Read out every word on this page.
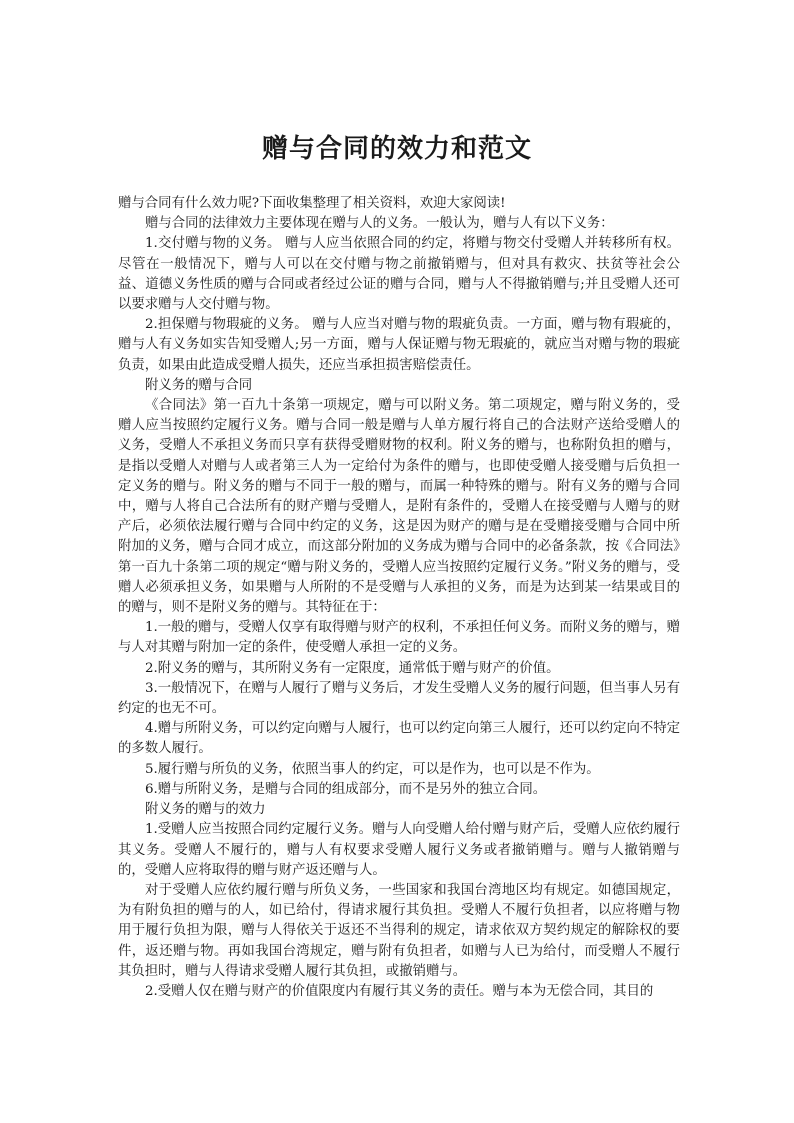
赠与合同的效力和范文

赠与合同有什么效力呢?下面收集整理了相关资料，欢迎大家阅读!

赠与合同的法律效力主要体现在赠与人的义务。一般认为，赠与人有以下义务：

1.交付赠与物的义务。 赠与人应当依照合同的约定，将赠与物交付受赠人并转移所有权。尽管在一般情况下，赠与人可以在交付赠与物之前撤销赠与，但对具有救灾、扶贫等社会公益、道德义务性质的赠与合同或者经过公证的赠与合同，赠与人不得撤销赠与;并且受赠人还可以要求赠与人交付赠与物。

2.担保赠与物瑕疵的义务。 赠与人应当对赠与物的瑕疵负责。一方面，赠与物有瑕疵的，赠与人有义务如实告知受赠人;另一方面，赠与人保证赠与物无瑕疵的，就应当对赠与物的瑕疵负责，如果由此造成受赠人损失，还应当承担损害赔偿责任。

附义务的赠与合同

《合同法》第一百九十条第一项规定，赠与可以附义务。第二项规定，赠与附义务的，受赠人应当按照约定履行义务。赠与合同一般是赠与人单方履行将自己的合法财产送给受赠人的义务，受赠人不承担义务而只享有获得受赠财物的权利。附义务的赠与，也称附负担的赠与，是指以受赠人对赠与人或者第三人为一定给付为条件的赠与，也即使受赠人接受赠与后负担一定义务的赠与。附义务的赠与不同于一般的赠与，而属一种特殊的赠与。附有义务的赠与合同中，赠与人将自己合法所有的财产赠与受赠人，是附有条件的，受赠人在接受赠与人赠与的财产后，必须依法履行赠与合同中约定的义务，这是因为财产的赠与是在受赠接受赠与合同中所附加的义务，赠与合同才成立，而这部分附加的义务成为赠与合同中的必备条款，按《合同法》第一百九十条第二项的规定“赠与附义务的，受赠人应当按照约定履行义务。”附义务的赠与，受赠人必须承担义务，如果赠与人所附的不是受赠与人承担的义务，而是为达到某一结果或目的的赠与，则不是附义务的赠与。其特征在于：

1.一般的赠与，受赠人仅享有取得赠与财产的权利，不承担任何义务。而附义务的赠与，赠与人对其赠与附加一定的条件，使受赠人承担一定的义务。

2.附义务的赠与，其所附义务有一定限度，通常低于赠与财产的价值。

3.一般情况下，在赠与人履行了赠与义务后，才发生受赠人义务的履行问题，但当事人另有约定的也无不可。

4.赠与所附义务，可以约定向赠与人履行，也可以约定向第三人履行，还可以约定向不特定的多数人履行。

5.履行赠与所负的义务，依照当事人的约定，可以是作为，也可以是不作为。

6.赠与所附义务，是赠与合同的组成部分，而不是另外的独立合同。

附义务的赠与的效力

1.受赠人应当按照合同约定履行义务。赠与人向受赠人给付赠与财产后，受赠人应依约履行其义务。受赠人不履行的，赠与人有权要求受赠人履行义务或者撤销赠与。赠与人撤销赠与的，受赠人应将取得的赠与财产返还赠与人。

对于受赠人应依约履行赠与所负义务，一些国家和我国台湾地区均有规定。如德国规定，为有附负担的赠与的人，如已给付，得请求履行其负担。受赠人不履行负担者，以应将赠与物用于履行负担为限，赠与人得依关于返还不当得利的规定，请求依双方契约规定的解除权的要件，返还赠与物。再如我国台湾规定，赠与附有负担者，如赠与人已为给付，而受赠人不履行其负担时，赠与人得请求受赠人履行其负担，或撤销赠与。

2.受赠人仅在赠与财产的价值限度内有履行其义务的责任。赠与本为无偿合同，其目的
